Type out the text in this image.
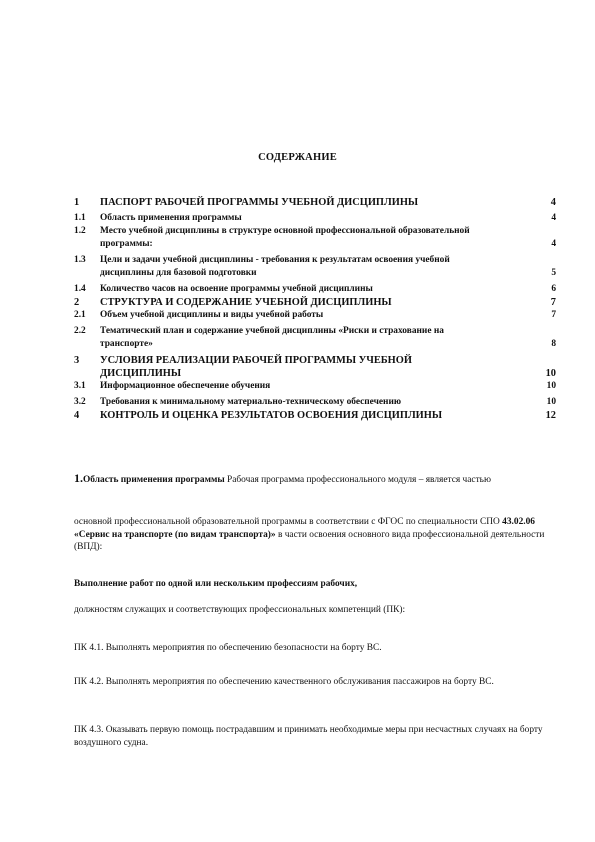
СОДЕРЖАНИЕ
1	ПАСПОРТ РАБОЧЕЙ ПРОГРАММЫ УЧЕБНОЙ ДИСЦИПЛИНЫ	4
1.1	Область применения программы	4
1.2	Место учебной дисциплины в структуре основной профессиональной образовательной программы:	4
1.3	Цели и задачи учебной дисциплины - требования к результатам освоения учебной дисциплины для базовой подготовки	5
1.4	Количество часов на освоение программы учебной дисциплины	6
2	СТРУКТУРА И СОДЕРЖАНИЕ УЧЕБНОЙ ДИСЦИПЛИНЫ	7
2.1	Объем учебной дисциплины и виды учебной работы	7
2.2	Тематический план и содержание учебной дисциплины «Риски и страхование на транспорте»	8
3	УСЛОВИЯ РЕАЛИЗАЦИИ РАБОЧЕЙ ПРОГРАММЫ УЧЕБНОЙ ДИСЦИПЛИНЫ	10
3.1	Информационное обеспечение обучения	10
3.2	Требования к минимальному материально-техническому обеспечению	10
4	КОНТРОЛЬ И ОЦЕНКА РЕЗУЛЬТАТОВ ОСВОЕНИЯ ДИСЦИПЛИНЫ	12
1.Область применения программы Рабочая программа профессионального модуля – является частью
основной профессиональной образовательной программы в соответствии с ФГОС по специальности СПО 43.02.06 «Сервис на транспорте (по видам транспорта)» в части освоения основного вида профессиональной деятельности (ВПД):
Выполнение работ по одной или нескольким профессиям рабочих,
должностям служащих и соответствующих профессиональных компетенций (ПК):
ПК 4.1. Выполнять мероприятия по обеспечению безопасности на борту ВС.
ПК 4.2. Выполнять мероприятия по обеспечению качественного обслуживания пассажиров на борту ВС.
ПК 4.3. Оказывать первую помощь пострадавшим и принимать необходимые меры при несчастных случаях на борту воздушного судна.
